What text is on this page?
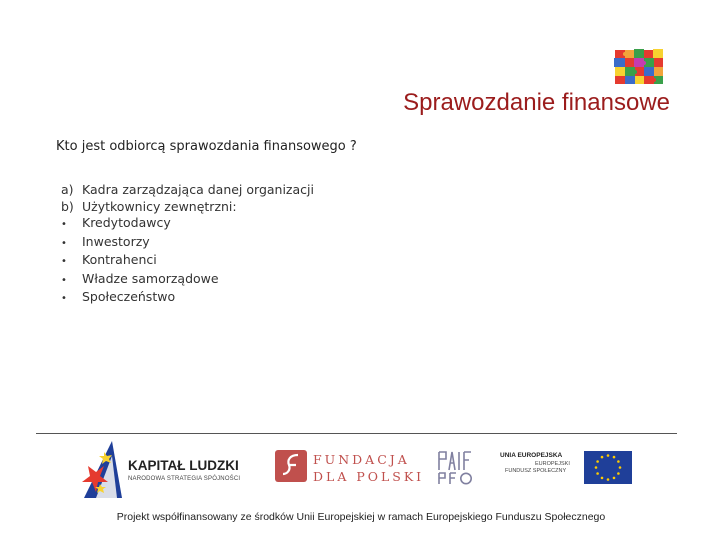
Sprawozdanie finansowe
Kto jest odbiorcą sprawozdania finansowego ?
a) Kadra zarządzająca danej organizacji
b) Użytkownicy zewnętrzni:
• Kredytodawcy
• Inwestorzy
• Kontrahenci
• Władze samorządowe
• Społeczeństwo
KAPITAŁ LUDZKI
NARODOWA STRATEGIA SPÓJNOŚCI
FUNDACJA
DLA POLSKI
UNIA EUROPEJSKA
EUROPEJSKI
FUNDUSZ SPOŁECZNY
Projekt współfinansowany ze środków Unii Europejskiej w ramach Europejskiego Funduszu Społecznego
